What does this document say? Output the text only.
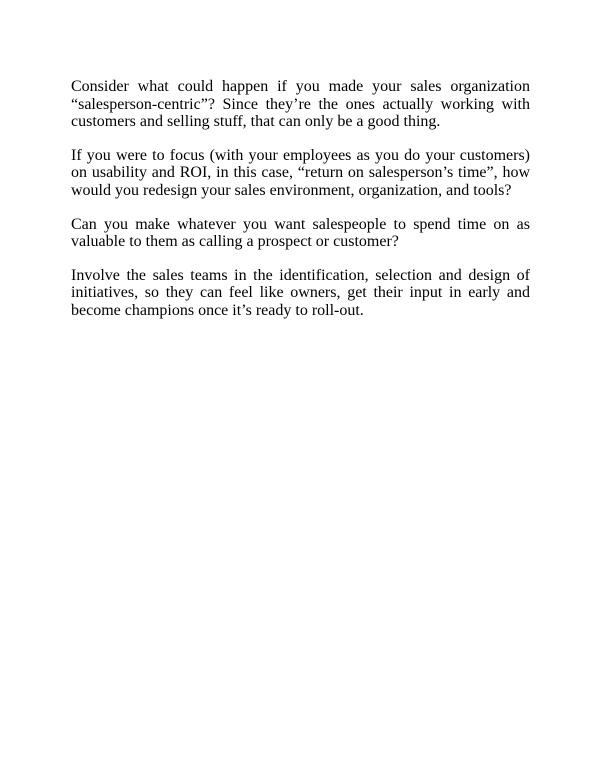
Consider what could happen if you made your sales organization “salesperson-centric”? Since they’re the ones actually working with customers and selling stuff, that can only be a good thing.

If you were to focus (with your employees as you do your customers) on usability and ROI, in this case, “return on salesperson’s time”, how would you redesign your sales environment, organization, and tools?

Can you make whatever you want salespeople to spend time on as valuable to them as calling a prospect or customer?

Involve the sales teams in the identification, selection and design of initiatives, so they can feel like owners, get their input in early and become champions once it’s ready to roll-out.
